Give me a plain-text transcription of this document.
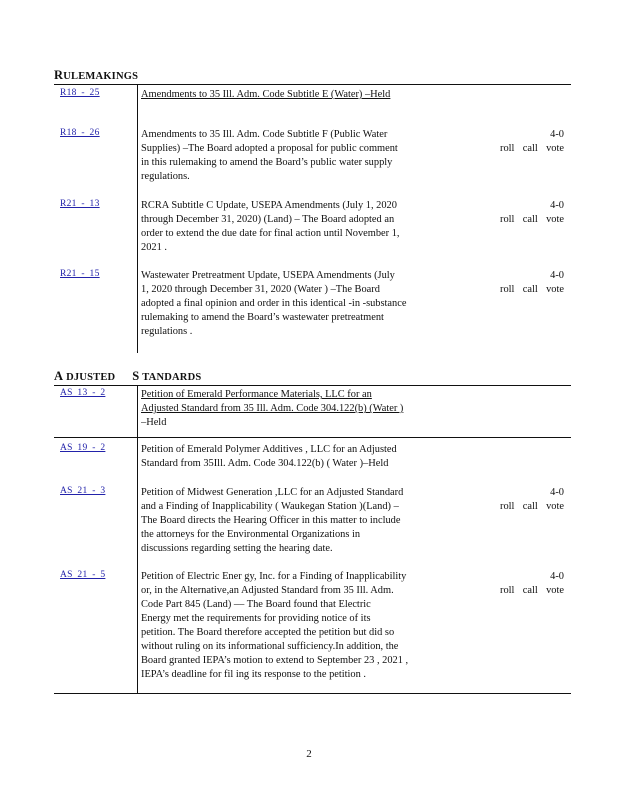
RULEMAKINGS
R18 - 25	Amendments to 35 Ill. Adm. Code Subtitle E (Water) –Held
R18 - 26	Amendments to 35 Ill. Adm. Code Subtitle F (Public Water
Supplies) –The Board adopted a proposal for public comment
in this rulemaking to amend the Board’s public water supply
regulations.
4-0
roll call vote
R21 - 13	RCRA Subtitle C Update, USEPA Amendments (July 1, 2020
through December 31, 2020) (Land) – The Board adopted an
order to extend the due date for final action until November 1,
2021 .
4-0
roll call vote
R21 - 15	Wastewater Pretreatment Update, USEPA Amendments (July
1, 2020 through December 31, 2020 (Water ) –The Board
adopted a final opinion and order in this identical -in -substance
rulemaking to amend the Board’s wastewater pretreatment
regulations .
4-0
roll call vote
A DJUSTED S TANDARDS
AS 13 - 2	Petition of Emerald Performance Materials, LLC for an
Adjusted Standard from 35 Ill. Adm. Code 304.122(b) (Water )
–Held
AS 19 - 2	Petition of Emerald Polymer Additives , LLC for an Adjusted
Standard from 35Ill. Adm. Code 304.122(b) ( Water )–Held
AS 21 - 3	Petition of Midwest Generation ,LLC for an Adjusted Standard
and a Finding of Inapplicability ( Waukegan Station )(Land) –
The Board directs the Hearing Officer in this matter to include
the attorneys for the Environmental Organizations in
discussions regarding setting the hearing date.
4-0
roll call vote
AS 21 - 5	Petition of Electric Ener gy, Inc. for a Finding of Inapplicability
or, in the Alternative,an Adjusted Standard from 35 Ill. Adm.
Code Part 845 (Land) –– The Board found that Electric
Energy met the requirements for providing notice of its
petition. The Board therefore accepted the petition but did so
without ruling on its informational sufficiency.In addition, the
Board granted IEPA’s motion to extend to September 23 , 2021 ,
IEPA’s deadline for fil ing its response to the petition .
4-0
roll call vote
2
